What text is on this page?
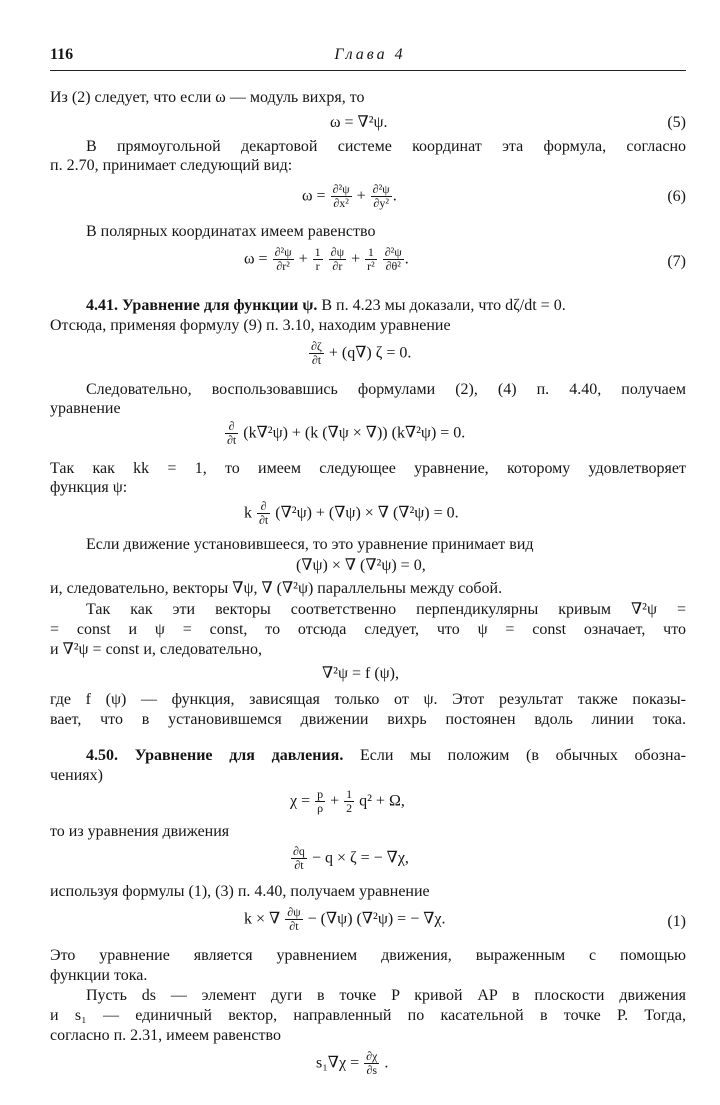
116	Глава 4
Из (2) следует, что если ω — модуль вихря, то
ω = ∇²ψ.	(5)
В прямоугольной декартовой системе координат эта формула, согласно
п. 2.70, принимает следующий вид:
$\omega = \frac{\text{∂²ψ}}{\text{∂x²}} + \frac{\text{∂²ψ}}{\text{∂y²}}$ .	(6)
В полярных координатах имеем равенство
$\omega = \frac{\text{∂²ψ}}{\text{∂r²}} + \frac{1}{r}$
$\frac{\partial\psi}{\partial r} + \frac{1}{\text{r²}}$
$\frac{\text{∂²ψ}}{\text{∂θ²}}$ .	(7)
4.41. Уравнение для функции ψ. В п. 4.23 мы доказали, что dζ/dt = 0.
Отсюда, применяя формулу (9) п. 3.10, находим уравнение
$\frac{\partial\zeta}{\partial t} + (q\nabla) \zeta = 0$.
Следовательно, воспользовавшись формулами (2), (4) п. 4.40, получаем
уравнение
$\frac{\partial}{\partial t} (k\nabla^2\psi) + (k$ (∇ψ × ∇)) (k∇²ψ) = 0.
Так как kk = 1, то имеем следующее уравнение, которому удовлетворяет
функция ψ:
k $\frac{\partial}{\partial t} (\nabla^2\psi) + (\nabla\psi)$ × ∇ (∇²ψ) = 0.
Если движение установившееся, то это уравнение принимает вид
(∇ψ) × ∇ (∇²ψ) = 0,
и, следовательно, векторы ∇ψ, ∇ (∇²ψ) параллельны между собой.
Так как эти векторы соответственно перпендикулярны кривым ∇²ψ =
= const и ψ = const, то отсюда следует, что ψ = const означает, что
и ∇²ψ = const и, следовательно,
∇²ψ = f (ψ),
где f (ψ) — функция, зависящая только от ψ. Этот результат также показы-
вает, что в установившемся движении вихрь постоянен вдоль линии тока.
4.50. Уравнение для давления. Если мы положим (в обычных обозна-
чениях)
$\chi = \frac{p}{\rho} + \frac{1}{2} q^2 + \Omega$,
то из уравнения движения
$\frac{\partial q}{\partial t} - q \times \zeta$ = − ∇χ,
используя формулы (1), (3) п. 4.40, получаем уравнение
k × ∇ $\frac{\partial\psi}{\partial t} - (\nabla\psi) (\nabla^2\psi)$ = − ∇χ.	(1)
Это уравнение является уравнением движения, выраженным с помощью
функции тока.
Пусть ds — элемент дуги в точке P кривой AP в плоскости движения
и s₁ — единичный вектор, направленный по касательной в точке P. Тогда,
согласно п. 2.31, имеем равенство
$s_1\nabla\chi = \frac{\partial\chi}{\partial s}$ .
